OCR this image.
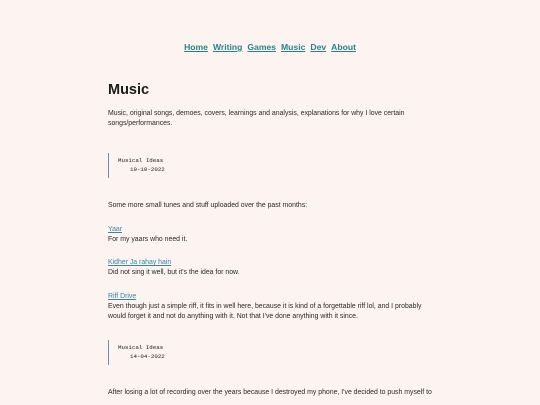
Home Writing Games Music Dev About
Music

Music, original songs, demoes, covers, learnings and analysis, explanations for why I love certain songs/performances.

Musical Ideas
19-10-2022

Some more small tunes and stuff uploaded over the past months:

Yaar

For my yaars who need it.

Kidher Ja rahay hain

Did not sing it well, but it's the idea for now.

Riff Drive

Even though just a simple riff, it fits in well here, because it is kind of a forgettable riff lol, and I probably would forget it and not do anything with it. Not that I've done anything with it since.

Musical Ideas
14-04-2022

After losing a lot of recording over the years because I destroyed my phone, I've decided to push myself to
